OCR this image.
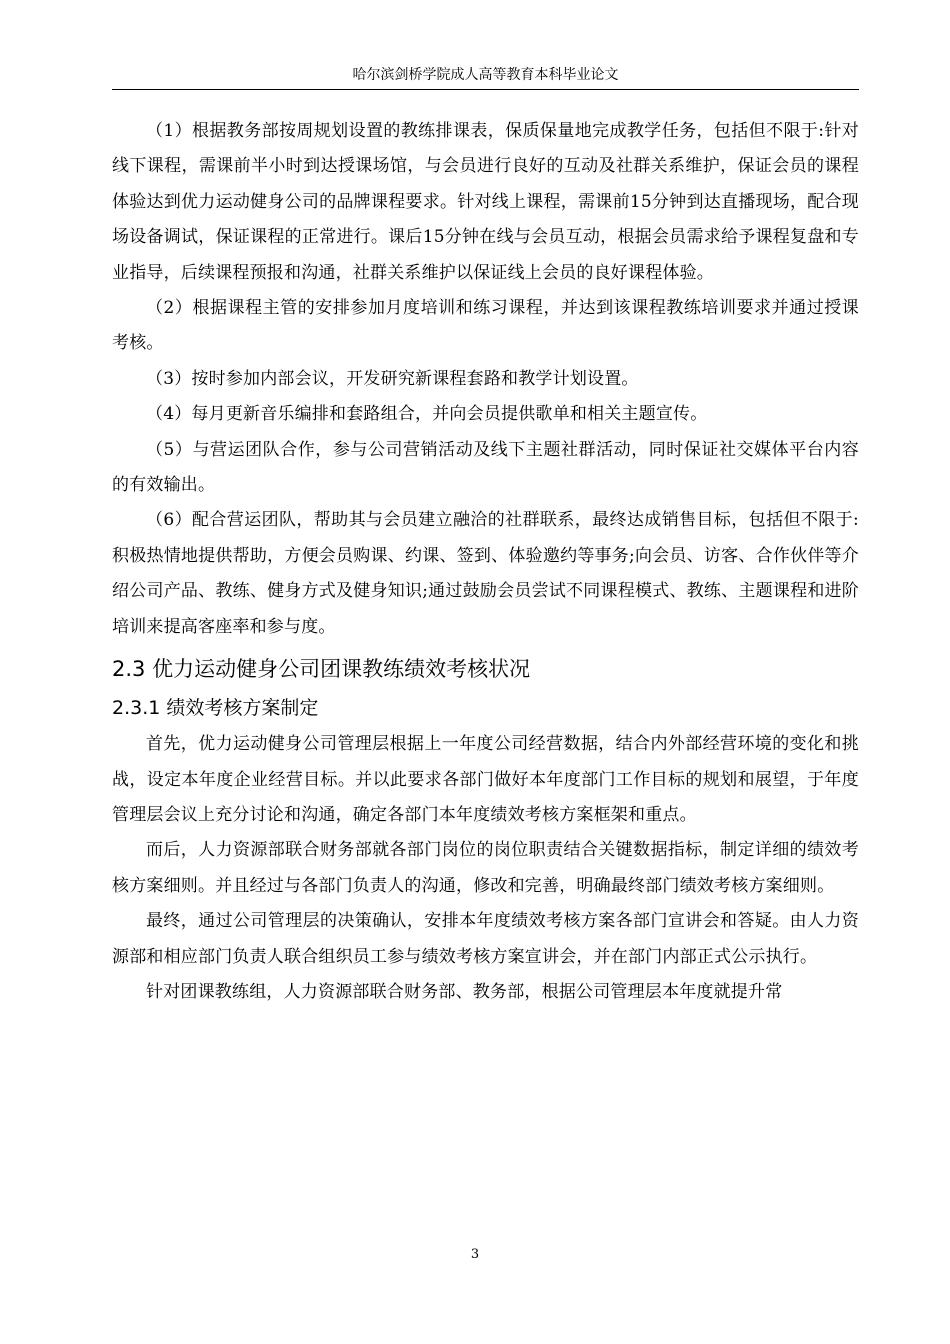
哈尔滨剑桥学院成人高等教育本科毕业论文

（1）根据教务部按周规划设置的教练排课表，保质保量地完成教学任务，包括但不限于:针对线下课程，需课前半小时到达授课场馆，与会员进行良好的互动及社群关系维护，保证会员的课程体验达到优力运动健身公司的品牌课程要求。针对线上课程，需课前15分钟到达直播现场，配合现场设备调试，保证课程的正常进行。课后15分钟在线与会员互动，根据会员需求给予课程复盘和专业指导，后续课程预报和沟通，社群关系维护以保证线上会员的良好课程体验。

（2）根据课程主管的安排参加月度培训和练习课程，并达到该课程教练培训要求并通过授课考核。

（3）按时参加内部会议，开发研究新课程套路和教学计划设置。

（4）每月更新音乐编排和套路组合，并向会员提供歌单和相关主题宣传。

（5）与营运团队合作，参与公司营销活动及线下主题社群活动，同时保证社交媒体平台内容的有效输出。

（6）配合营运团队，帮助其与会员建立融洽的社群联系，最终达成销售目标，包括但不限于:积极热情地提供帮助，方便会员购课、约课、签到、体验邀约等事务;向会员、访客、合作伙伴等介绍公司产品、教练、健身方式及健身知识;通过鼓励会员尝试不同课程模式、教练、主题课程和进阶培训来提高客座率和参与度。

2.3 优力运动健身公司团课教练绩效考核状况
2.3.1 绩效考核方案制定

首先，优力运动健身公司管理层根据上一年度公司经营数据，结合内外部经营环境的变化和挑战，设定本年度企业经营目标。并以此要求各部门做好本年度部门工作目标的规划和展望，于年度管理层会议上充分讨论和沟通，确定各部门本年度绩效考核方案框架和重点。

而后，人力资源部联合财务部就各部门岗位的岗位职责结合关键数据指标，制定详细的绩效考核方案细则。并且经过与各部门负责人的沟通，修改和完善，明确最终部门绩效考核方案细则。

最终，通过公司管理层的决策确认，安排本年度绩效考核方案各部门宣讲会和答疑。由人力资源部和相应部门负责人联合组织员工参与绩效考核方案宣讲会，并在部门内部正式公示执行。

针对团课教练组，人力资源部联合财务部、教务部，根据公司管理层本年度就提升常

3
